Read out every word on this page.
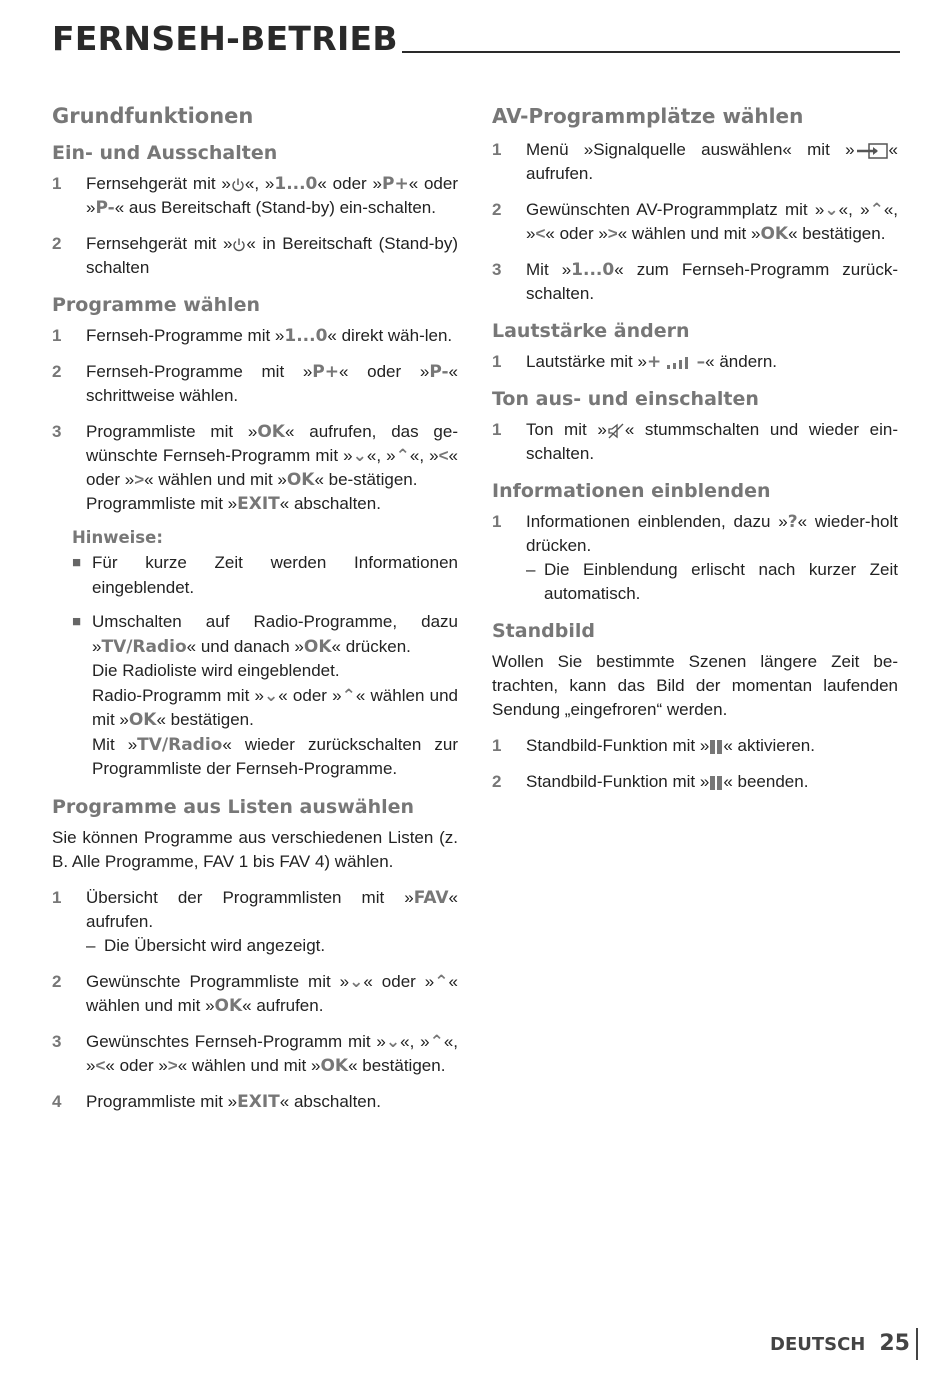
FERNSEH-BETRIEB
Grundfunktionen
Ein- und Ausschalten
1	Fernsehgerät mit » «, »1...0« oder »P+« oder »P-« aus Bereitschaft (Stand-by) ein-schalten.
2	Fernsehgerät mit » « in Bereitschaft (Stand-by) schalten
Programme wählen
1	Fernseh-Programme mit »1...0« direkt wäh-len.
2	Fernseh-Programme mit »P+« oder »P-« schrittweise wählen.
3	Programmliste mit »OK« aufrufen, das ge-wünschte Fernseh-Programm mit »⌄«, »⌃«, »<« oder »>« wählen und mit »OK« be-stätigen.
Programmliste mit »EXIT« abschalten.
Hinweise:
■ Für kurze Zeit werden Informationen eingeblendet.
■ Umschalten auf Radio-Programme, dazu »TV/Radio« und danach »OK« drücken.
Die Radioliste wird eingeblendet.
Radio-Programm mit »⌄« oder »⌃« wählen und mit »OK« bestätigen.
Mit »TV/Radio« wieder zurückschalten zur Programmliste der Fernseh-Programme.
Programme aus Listen auswählen

Sie können Programme aus verschiedenen Listen (z. B. Alle Programme, FAV 1 bis FAV 4) wählen.

1	Übersicht der Programmlisten mit »FAV« aufrufen.
– Die Übersicht wird angezeigt.
2	Gewünschte Programmliste mit »⌄« oder »⌃« wählen und mit »OK« aufrufen.
3	Gewünschtes Fernseh-Programm mit »⌄«, »⌃«, »<« oder »>« wählen und mit »OK« bestätigen.
4	Programmliste mit »EXIT« abschalten.
AV-Programmplätze wählen
1	Menü »Signalquelle auswählen« mit » « aufrufen.
2	Gewünschten AV-Programmplatz mit »⌄«, »⌃«, »<« oder »>« wählen und mit »OK« bestätigen.
3	Mit »1...0« zum Fernseh-Programm zurück-schalten.
Lautstärke ändern
1	Lautstärke mit »+ –« ändern.
Ton aus- und einschalten
1	Ton mit » « stummschalten und wieder ein-schalten.
Informationen einblenden
1	Informationen einblenden, dazu »?« wieder-holt drücken.
– Die Einblendung erlischt nach kurzer Zeit automatisch.
Standbild

Wollen Sie bestimmte Szenen längere Zeit be-trachten, kann das Bild der momentan laufenden Sendung „eingefroren“ werden.

1	Standbild-Funktion mit » « aktivieren.
2	Standbild-Funktion mit » « beenden.
DEUTSCH 25
